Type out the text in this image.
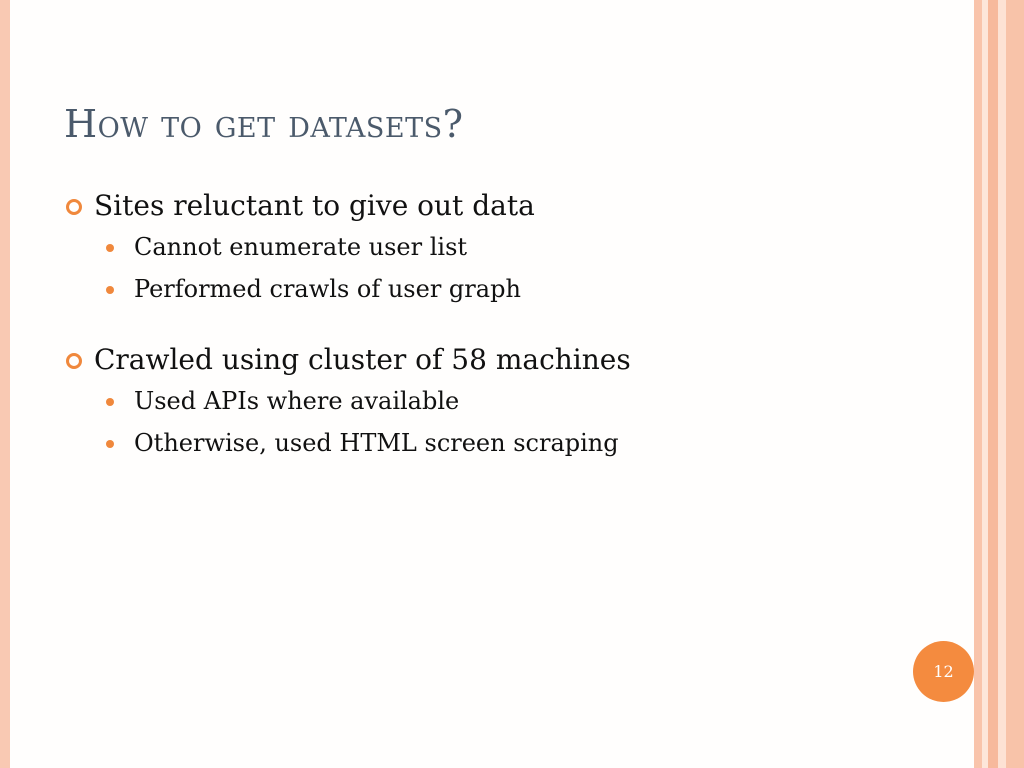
How to get datasets?

Sites reluctant to give out data

Cannot enumerate user list

Performed crawls of user graph

Crawled using cluster of 58 machines

Used APIs where available

Otherwise, used HTML screen scraping

12
